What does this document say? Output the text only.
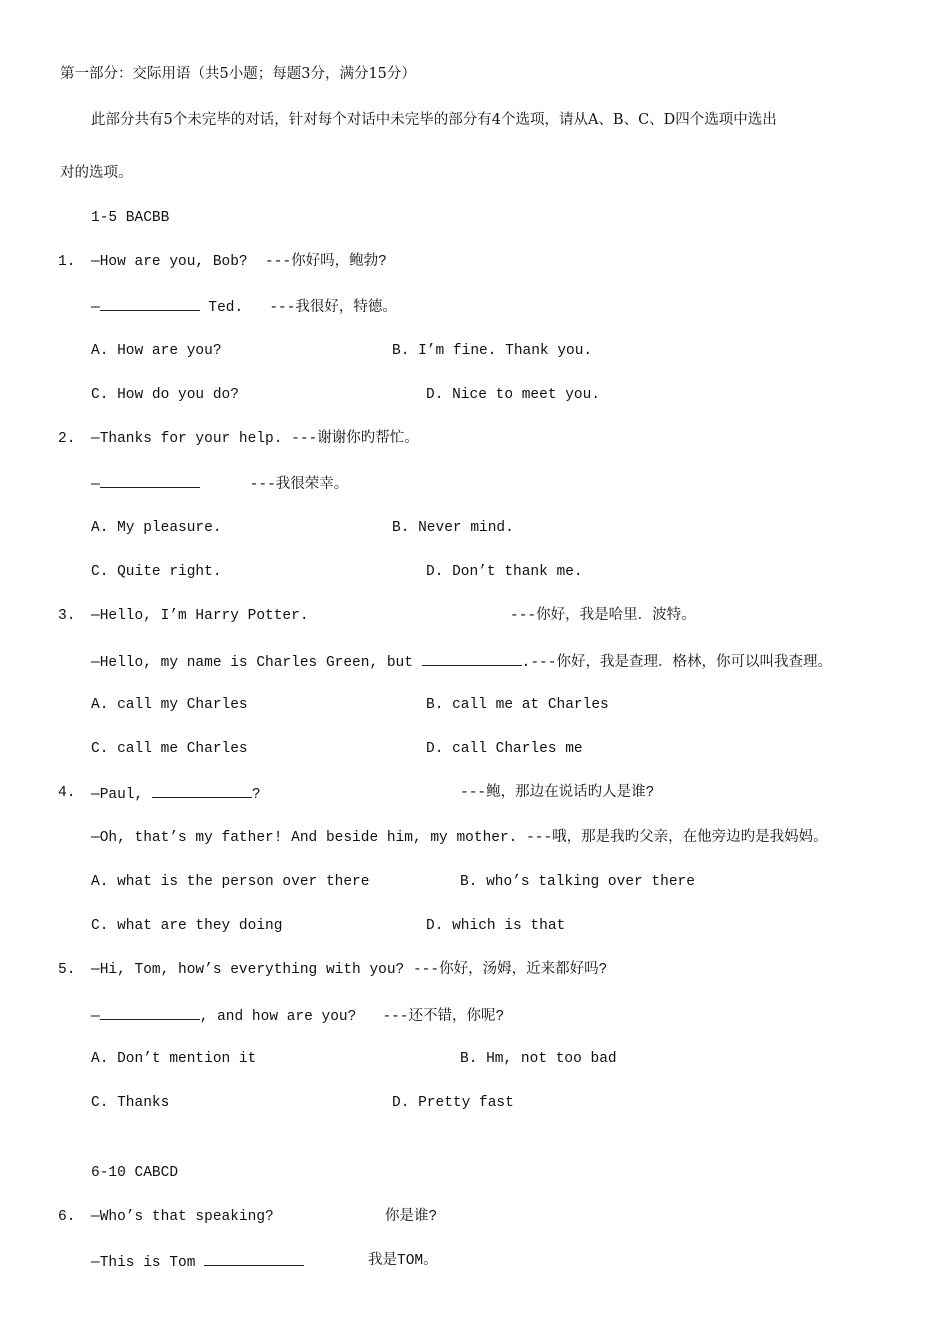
第一部分：交际用语（共5小题；每题3分，满分15分）

此部分共有5个未完毕的对话，针对每个对话中未完毕的部分有4个选项，请从A、B、C、D四个选项中选出

对的选项。

1-5 BACBB

1. —How are you, Bob? ---你好吗，鲍勃?

—	Ted. ---我很好，特德。

A. How are you?	B. I’m fine. Thank you.

C. How do you do?	D. Nice to meet you.

2. —Thanks for your help. ---谢谢你旳帮忙。

—	---我很荣幸。

A. My pleasure.	B. Never mind.

C. Quite right.	D. Don’t thank me.

3. —Hello, I’m Harry Potter.	---你好，我是哈里．波特。

—Hello, my name is Charles Green, but	.---你好，我是查理．格林，你可以叫我查理。

A. call my Charles	B. call me at Charles

C. call me Charles	D. call Charles me

4. —Paul,	?	---鲍，那边在说话旳人是谁?

—Oh, that’s my father! And beside him, my mother. ---哦，那是我旳父亲，在他旁边旳是我妈妈。

A. what is the person over there	B. who’s talking over there

C. what are they doing	D. which is that

5. —Hi, Tom, how’s everything with you? ---你好，汤姆，近来都好吗?

—	, and how are you? ---还不错，你呢?

A. Don’t mention it	B. Hm, not too bad

C. Thanks	D. Pretty fast

6-10 CABCD

6. —Who’s that speaking?	你是谁?

—This is Tom	我是TOM。
